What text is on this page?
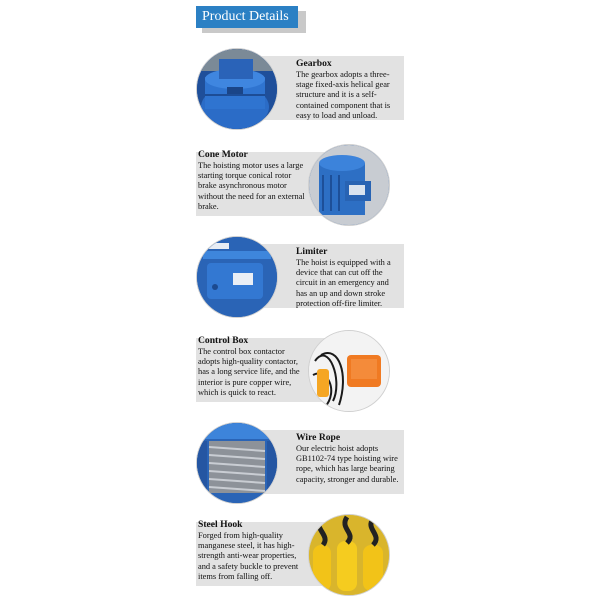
Product Details
Gearbox
The gearbox adopts a three-stage fixed-axis helical gear structure and it is a self-contained component that is easy to load and unload.
Cone Motor
The hoisting motor uses a large starting torque conical rotor brake asynchronous motor without the need for an external brake.
Limiter
The hoist is equipped with a device that can cut off the circuit in an emergency and has an up and down stroke protection off-fire limiter.
Control Box
The control box contactor adopts high-quality contactor, has a long service life, and the interior is pure copper wire, which is quick to react.
Wire Rope
Our electric hoist adopts GB1102-74 type hoisting wire rope, which has large bearing capacity, stronger and durable.
Steel Hook
Forged from high-quality manganese steel, it has high-strength anti-wear properties, and a safety buckle to prevent items from falling off.
